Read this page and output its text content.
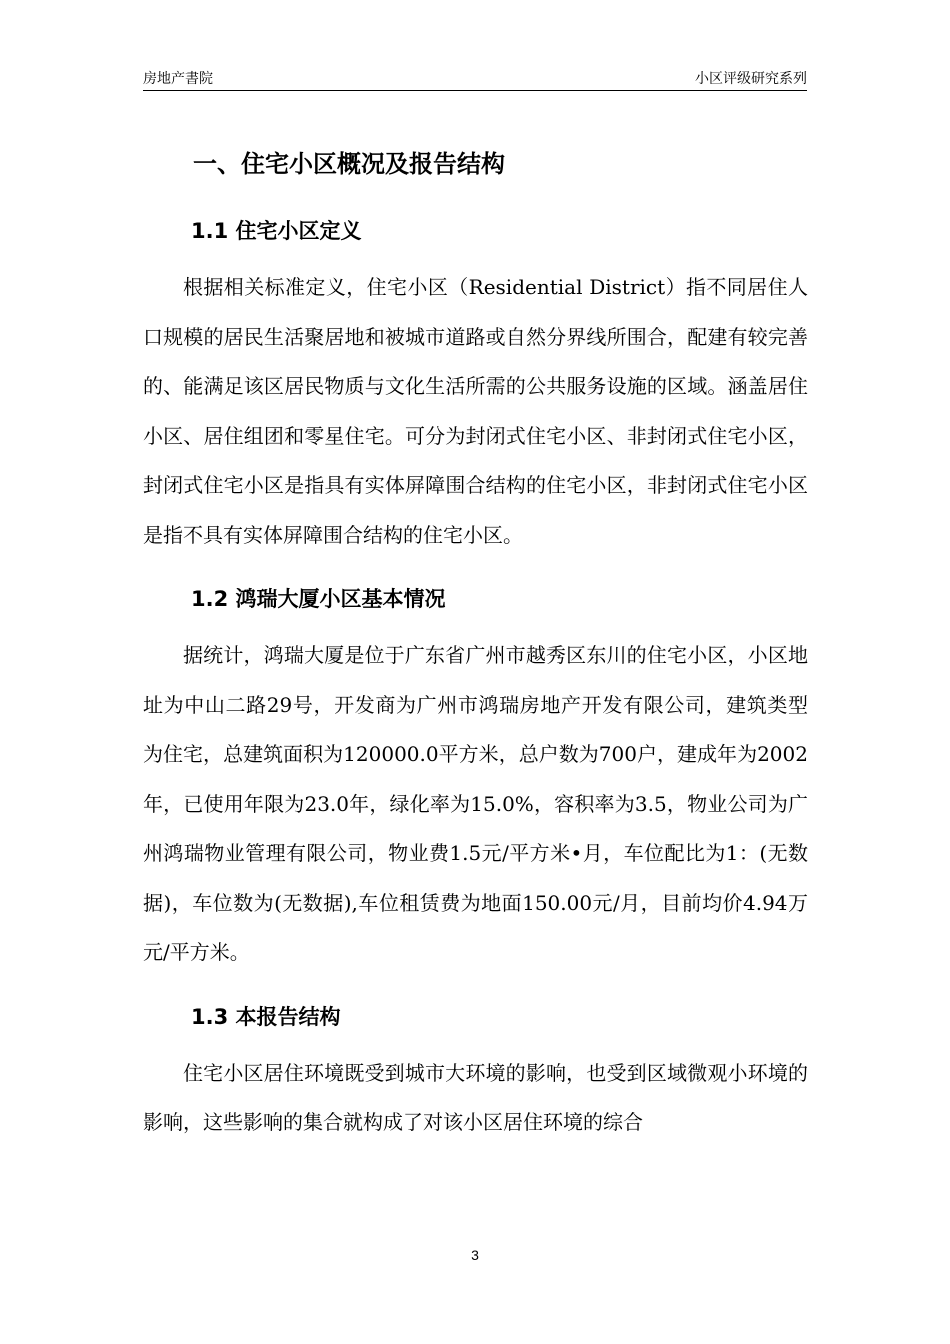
房地产書院	小区评级研究系列
一、住宅小区概况及报告结构
1.1 住宅小区定义

根据相关标准定义，住宅小区（Residential District）指不同居住人口规模的居民生活聚居地和被城市道路或自然分界线所围合，配建有较完善的、能满足该区居民物质与文化生活所需的公共服务设施的区域。涵盖居住小区、居住组团和零星住宅。可分为封闭式住宅小区、非封闭式住宅小区，封闭式住宅小区是指具有实体屏障围合结构的住宅小区，非封闭式住宅小区是指不具有实体屏障围合结构的住宅小区。

1.2 鸿瑞大厦小区基本情况

据统计，鸿瑞大厦是位于广东省广州市越秀区东川的住宅小区，小区地址为中山二路29号，开发商为广州市鸿瑞房地产开发有限公司，建筑类型为住宅，总建筑面积为120000.0平方米，总户数为700户，建成年为2002年，已使用年限为23.0年，绿化率为15.0%，容积率为3.5，物业公司为广州鸿瑞物业管理有限公司，物业费1.5元/平方米•月，车位配比为1：(无数据)，车位数为(无数据),车位租赁费为地面150.00元/月，目前均价4.94万元/平方米。

1.3 本报告结构

住宅小区居住环境既受到城市大环境的影响，也受到区域微观小环境的影响，这些影响的集合就构成了对该小区居住环境的综合

3
